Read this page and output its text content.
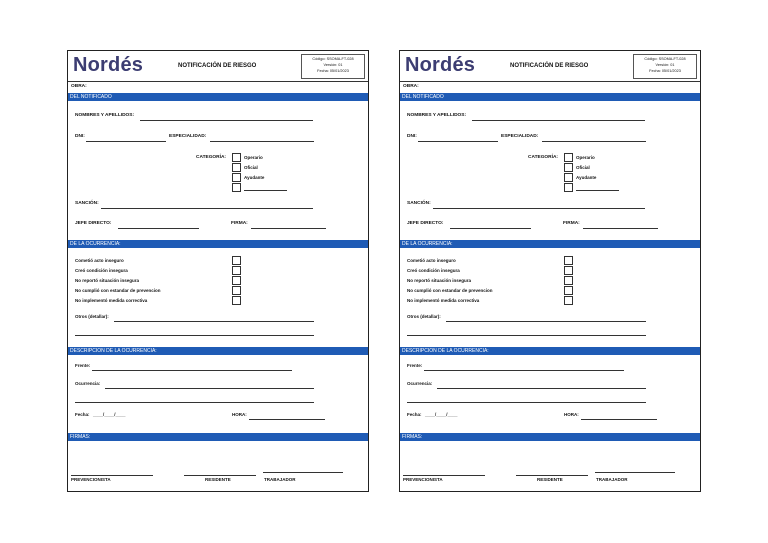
Nordés	NOTIFICACIÓN DE RIESGO
Código: SSOMA-FT-028
Versión: 01
Fecha: 05/01/2023
OBRA:
DEL NOTIFICADO
NOMBRES Y APELLIDOS:
DNI:	ESPECIALIDAD:
CATEGORÍA:	Operario
Oficial
Ayudante
SANCIÓN:
JEFE DIRECTO:	FIRMA:
DE LA OCURRENCIA:
Cometió acto inseguro
Creó condición insegura
No reportó situación insegura
No cumplió con estandar de prevencion
No implementó medida correctiva
Otros (detallar):
DESCRIPCION DE LA OCURRENCIA:
Frente:
Ocurrencia:
Fecha: ____/____/____	HORA:
FIRMAS:
PREVENCIONISTA	RESIDENTE	TRABAJADOR
Nordés	NOTIFICACIÓN DE RIESGO
Código: SSOMA-FT-028
Versión: 01
Fecha: 05/01/2023
OBRA:
DEL NOTIFICADO
NOMBRES Y APELLIDOS:
DNI:	ESPECIALIDAD:
CATEGORÍA:	Operario
Oficial
Ayudante
SANCIÓN:
JEFE DIRECTO:	FIRMA:
DE LA OCURRENCIA:
Cometió acto inseguro
Creó condición insegura
No reportó situación insegura
No cumplió con estandar de prevencion
No implementó medida correctiva
Otros (detallar):
DESCRIPCION DE LA OCURRENCIA:
Frente:
Ocurrencia:
Fecha: ____/____/____	HORA:
FIRMAS:
PREVENCIONISTA	RESIDENTE	TRABAJADOR
